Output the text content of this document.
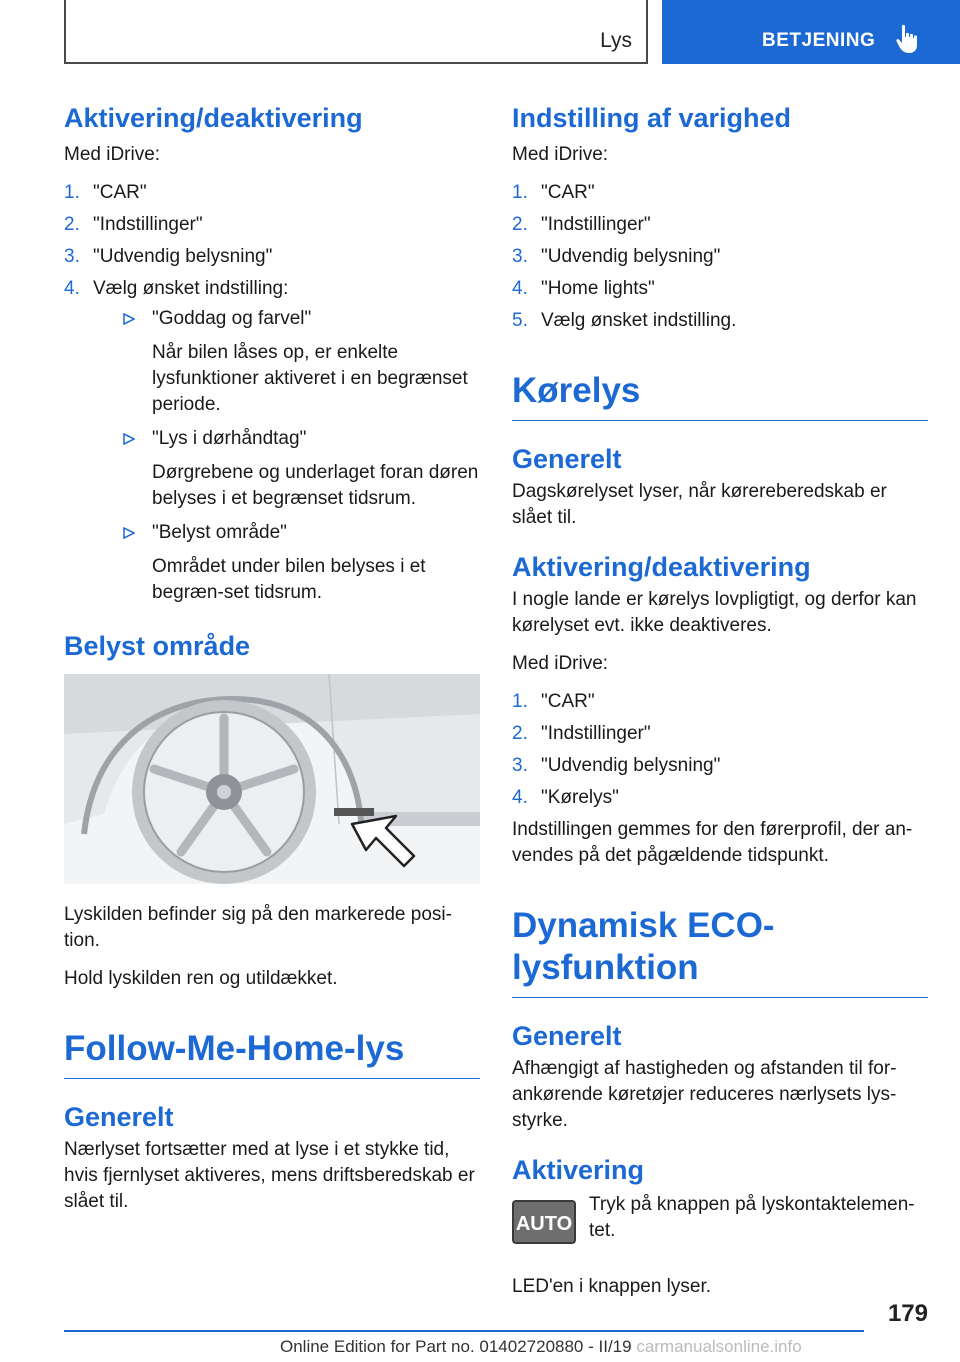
Lys	BETJENING
Aktivering/deaktivering

Med iDrive:

1. "CAR"
2. "Indstillinger"
3. "Udvendig belysning"
4. Vælg ønsket indstilling:
"Goddag og farvel"
Når bilen låses op, er enkelte lysfunktioner aktiveret i en begrænset periode.
"Lys i dørhåndtag"
Dørgrebene og underlaget foran døren belyses i et begrænset tidsrum.
"Belyst område"
Området under bilen belyses i et begræn-set tidsrum.
Belyst område

Lyskilden befinder sig på den markerede posi-tion.

Hold lyskilden ren og utildækket.

Follow-Me-Home-lys
Generelt

Nærlyset fortsætter med at lyse i et stykke tid, hvis fjernlyset aktiveres, mens driftsberedskab er slået til.

Indstilling af varighed

Med iDrive:

1. "CAR"
2. "Indstillinger"
3. "Udvendig belysning"
4. "Home lights"
5. Vælg ønsket indstilling.
Kørelys
Generelt

Dagskørelyset lyser, når kørereberedskab er slået til.

Aktivering/deaktivering

I nogle lande er kørelys lovpligtigt, og derfor kan kørelyset evt. ikke deaktiveres.

Med iDrive:

1. "CAR"
2. "Indstillinger"
3. "Udvendig belysning"
4. "Kørelys"

Indstillingen gemmes for den førerprofil, der an-vendes på det pågældende tidspunkt.

Dynamisk ECO-lysfunktion
Generelt

Afhængigt af hastigheden og afstanden til for-ankørende køretøjer reduceres nærlysets lys-styrke.

Aktivering
AUTO

Tryk på knappen på lyskontaktelemen-tet.

LED'en i knappen lyser.

179
Online Edition for Part no. 01402720880 - II/19 carmanualsonline.info
